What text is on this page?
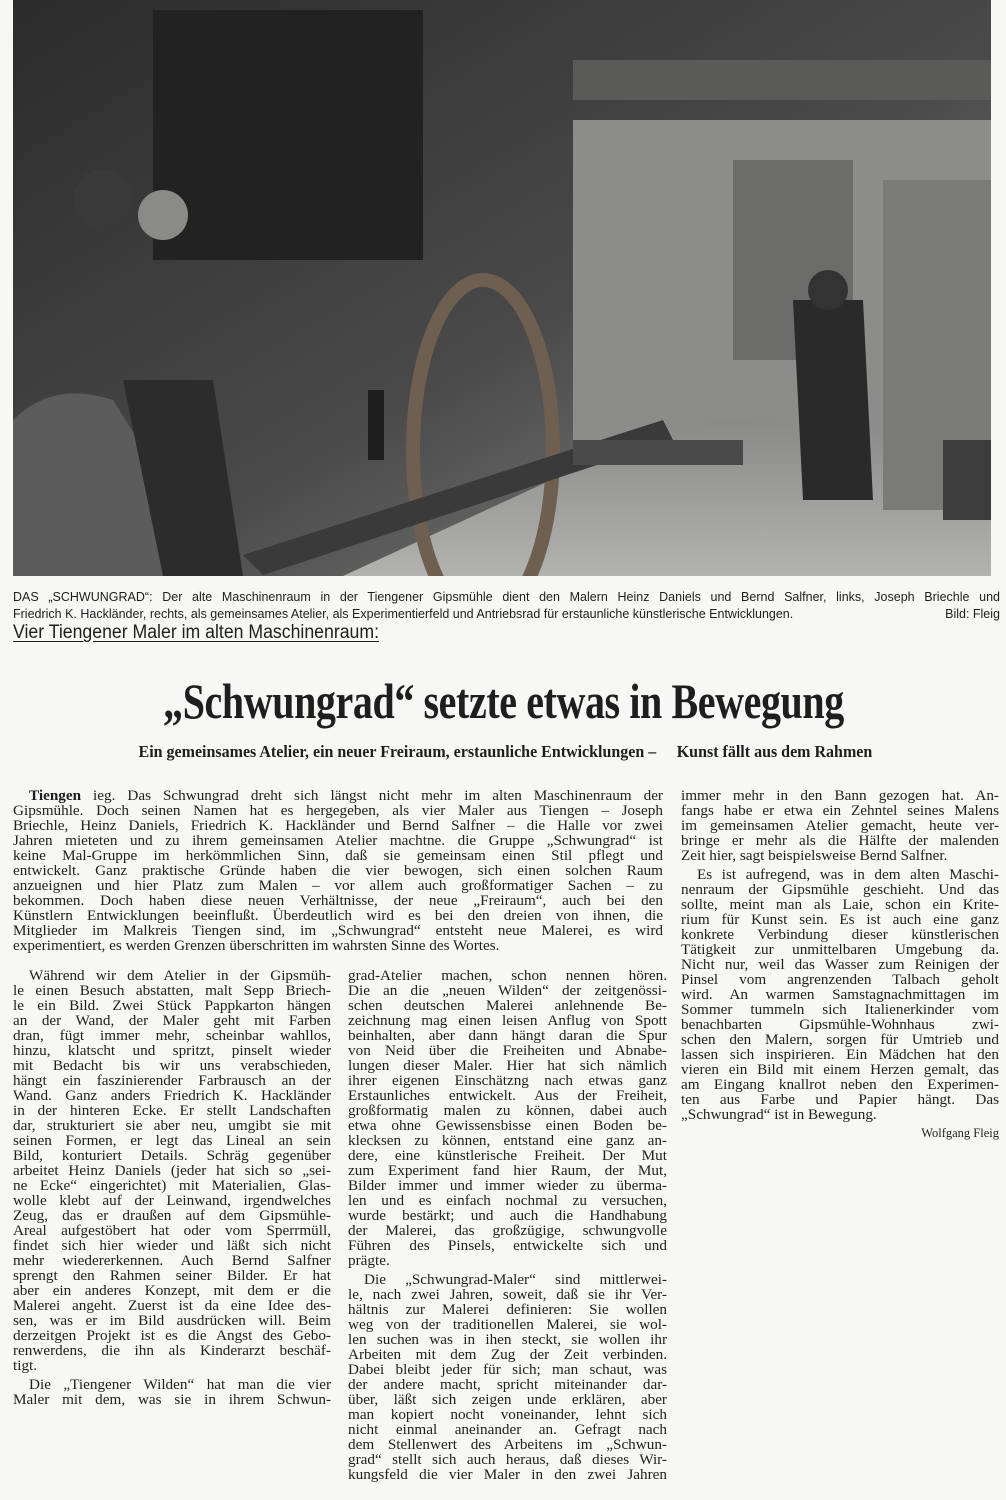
DAS „SCHWUNGRAD“: Der alte Maschinenraum in der Tiengener Gipsmühle dient den Malern Heinz Daniels und Bernd Salfner, links, Joseph Briechle und
Friedrich K. Hackländer, rechts, als gemeinsames Atelier, als Experimentierfeld und Antriebsrad für erstaunliche künstlerische Entwicklungen.	Bild: Fleig
Vier Tiengener Maler im alten Maschinenraum:
„Schwungrad“ setzte etwas in Bewegung
Ein gemeinsames Atelier, ein neuer Freiraum, erstaunliche Entwicklungen – Kunst fällt aus dem Rahmen
Tiengen ieg. Das Schwungrad dreht sich längst nicht mehr im alten Maschinenraum der
Gipsmühle. Doch seinen Namen hat es hergegeben, als vier Maler aus Tiengen – Joseph
Briechle, Heinz Daniels, Friedrich K. Hackländer und Bernd Salfner – die Halle vor zwei
Jahren mieteten und zu ihrem gemeinsamen Atelier machtne. die Gruppe „Schwungrad“ ist
keine Mal-Gruppe im herkömmlichen Sinn, daß sie gemeinsam einen Stil pflegt und
entwickelt. Ganz praktische Gründe haben die vier bewogen, sich einen solchen Raum
anzueignen und hier Platz zum Malen – vor allem auch großformatiger Sachen – zu
bekommen. Doch haben diese neuen Verhältnisse, der neue „Freiraum“, auch bei den
Künstlern Entwicklungen beeinflußt. Überdeutlich wird es bei den dreien von ihnen, die
Mitglieder im Malkreis Tiengen sind, im „Schwungrad“ entsteht neue Malerei, es wird
experimentiert, es werden Grenzen überschritten im wahrsten Sinne des Wortes.
Während wir dem Atelier in der Gipsmüh-
le einen Besuch abstatten, malt Sepp Briech-
le ein Bild. Zwei Stück Pappkarton hängen
an der Wand, der Maler geht mit Farben
dran, fügt immer mehr, scheinbar wahllos,
hinzu, klatscht und spritzt, pinselt wieder
mit Bedacht bis wir uns verabschieden,
hängt ein faszinierender Farbrausch an der
Wand. Ganz anders Friedrich K. Hackländer
in der hinteren Ecke. Er stellt Landschaften
dar, strukturiert sie aber neu, umgibt sie mit
seinen Formen, er legt das Lineal an sein
Bild, konturiert Details. Schräg gegenüber
arbeitet Heinz Daniels (jeder hat sich so „sei-
ne Ecke“ eingerichtet) mit Materialien, Glas-
wolle klebt auf der Leinwand, irgendwelches
Zeug, das er draußen auf dem Gipsmühle-
Areal aufgestöbert hat oder vom Sperrmüll,
findet sich hier wieder und läßt sich nicht
mehr wiedererkennen. Auch Bernd Salfner
sprengt den Rahmen seiner Bilder. Er hat
aber ein anderes Konzept, mit dem er die
Malerei angeht. Zuerst ist da eine Idee des-
sen, was er im Bild ausdrücken will. Beim
derzeitgen Projekt ist es die Angst des Gebo-
renwerdens, die ihn als Kinderarzt beschäf-
tigt.
Die „Tiengener Wilden“ hat man die vier
Maler mit dem, was sie in ihrem Schwun-
grad-Atelier machen, schon nennen hören.
Die an die „neuen Wilden“ der zeitgenössi-
schen deutschen Malerei anlehnende Be-
zeichnung mag einen leisen Anflug von Spott
beinhalten, aber dann hängt daran die Spur
von Neid über die Freiheiten und Abnabe-
lungen dieser Maler. Hier hat sich nämlich
ihrer eigenen Einschätzng nach etwas ganz
Erstaunliches entwickelt. Aus der Freiheit,
großformatig malen zu können, dabei auch
etwa ohne Gewissensbisse einen Boden be-
klecksen zu können, entstand eine ganz an-
dere, eine künstlerische Freiheit. Der Mut
zum Experiment fand hier Raum, der Mut,
Bilder immer und immer wieder zu überma-
len und es einfach nochmal zu versuchen,
wurde bestärkt; und auch die Handhabung
der Malerei, das großzügige, schwungvolle
Führen des Pinsels, entwickelte sich und
prägte.
Die „Schwungrad-Maler“ sind mittlerwei-
le, nach zwei Jahren, soweit, daß sie ihr Ver-
hältnis zur Malerei definieren: Sie wollen
weg von der traditionellen Malerei, sie wol-
len suchen was in ihen steckt, sie wollen ihr
Arbeiten mit dem Zug der Zeit verbinden.
Dabei bleibt jeder für sich; man schaut, was
der andere macht, spricht miteinander dar-
über, läßt sich zeigen unde erklären, aber
man kopiert nocht voneinander, lehnt sich
nicht einmal aneinander an. Gefragt nach
dem Stellenwert des Arbeitens im „Schwun-
grad“ stellt sich auch heraus, daß dieses Wir-
kungsfeld die vier Maler in den zwei Jahren
immer mehr in den Bann gezogen hat. An-
fangs habe er etwa ein Zehntel seines Malens
im gemeinsamen Atelier gemacht, heute ver-
bringe er mehr als die Hälfte der malenden
Zeit hier, sagt beispielsweise Bernd Salfner.
Es ist aufregend, was in dem alten Maschi-
nenraum der Gipsmühle geschieht. Und das
sollte, meint man als Laie, schon ein Krite-
rium für Kunst sein. Es ist auch eine ganz
konkrete Verbindung dieser künstlerischen
Tätigkeit zur unmittelbaren Umgebung da.
Nicht nur, weil das Wasser zum Reinigen der
Pinsel vom angrenzenden Talbach geholt
wird. An warmen Samstagnachmittagen im
Sommer tummeln sich Italienerkinder vom
benachbarten Gipsmühle-Wohnhaus zwi-
schen den Malern, sorgen für Umtrieb und
lassen sich inspirieren. Ein Mädchen hat den
vieren ein Bild mit einem Herzen gemalt, das
am Eingang knallrot neben den Experimen-
ten aus Farbe und Papier hängt. Das
„Schwungrad“ ist in Bewegung.
Wolfgang Fleig
